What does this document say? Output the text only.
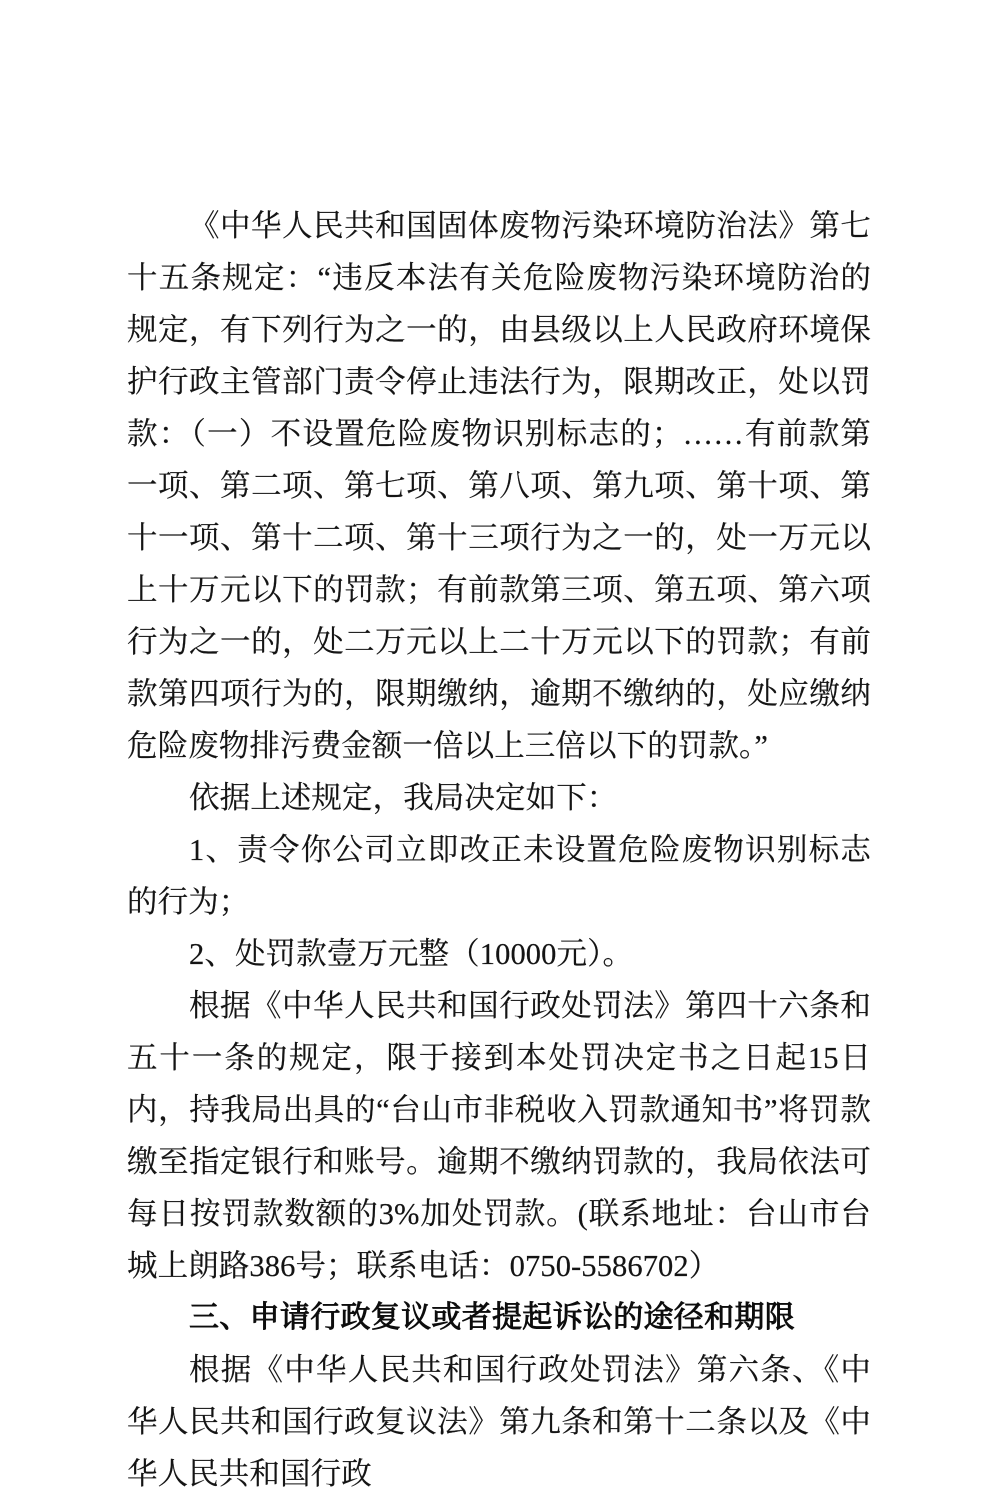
《中华人民共和国固体废物污染环境防治法》第七十五条规定：“违反本法有关危险废物污染环境防治的规定，有下列行为之一的，由县级以上人民政府环境保护行政主管部门责令停止违法行为，限期改正，处以罚款：（一）不设置危险废物识别标志的；……有前款第一项、第二项、第七项、第八项、第九项、第十项、第十一项、第十二项、第十三项行为之一的，处一万元以上十万元以下的罚款；有前款第三项、第五项、第六项行为之一的，处二万元以上二十万元以下的罚款；有前款第四项行为的，限期缴纳，逾期不缴纳的，处应缴纳危险废物排污费金额一倍以上三倍以下的罚款。”

依据上述规定，我局决定如下：

1、责令你公司立即改正未设置危险废物识别标志的行为；

2、处罚款壹万元整（10000元）。

根据《中华人民共和国行政处罚法》第四十六条和五十一条的规定，限于接到本处罚决定书之日起15日内，持我局出具的“台山市非税收入罚款通知书”将罚款缴至指定银行和账号。逾期不缴纳罚款的，我局依法可每日按罚款数额的3%加处罚款。(联系地址：台山市台城上朗路386号；联系电话：0750-5586702）

三、申请行政复议或者提起诉讼的途径和期限

根据《中华人民共和国行政处罚法》第六条、《中华人民共和国行政复议法》第九条和第十二条以及《中华人民共和国行政
